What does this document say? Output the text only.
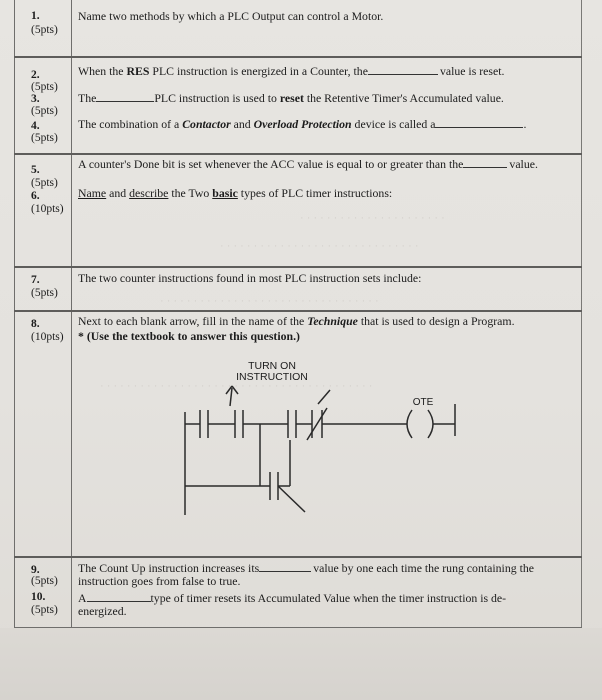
· · · · · · · · · · · · · · · · · · · · · ·
· · · · · · · · · · · · · · · · · · · · · · · · · · · · · ·
· · · · · · · · · · · · · · · · · · · · · · · · · · · · · · · · ·
· · · · · · · · · · · · · · · · · · · · · · · · · · · · · · · · · · · · · · · · ·
1.
(5pts)
Name two methods by which a PLC Output can control a Motor.
2.
(5pts)
When the RES PLC instruction is energized in a Counter, the	value is reset.
3.
(5pts)
The	PLC instruction is used to reset the Retentive Timer's Accumulated value.
4.
(5pts)
The combination of a Contactor and Overload Protection device is called a	.
5.
(5pts)
A counter's Done bit is set whenever the ACC value is equal to or greater than the	value.
6.
(10pts)
Name and describe the Two basic types of PLC timer instructions:
7.
(5pts)
The two counter instructions found in most PLC instruction sets include:
8.
(10pts)
Next to each blank arrow, fill in the name of the Technique that is used to design a Program.
* (Use the textbook to answer this question.)
TURN ON
INSTRUCTION
OTE
9.
(5pts)
The Count Up instruction increases its	value by one each time the rung containing the
instruction goes from false to true.
10.
(5pts)
A	type of timer resets its Accumulated Value when the timer instruction is de-
energized.
